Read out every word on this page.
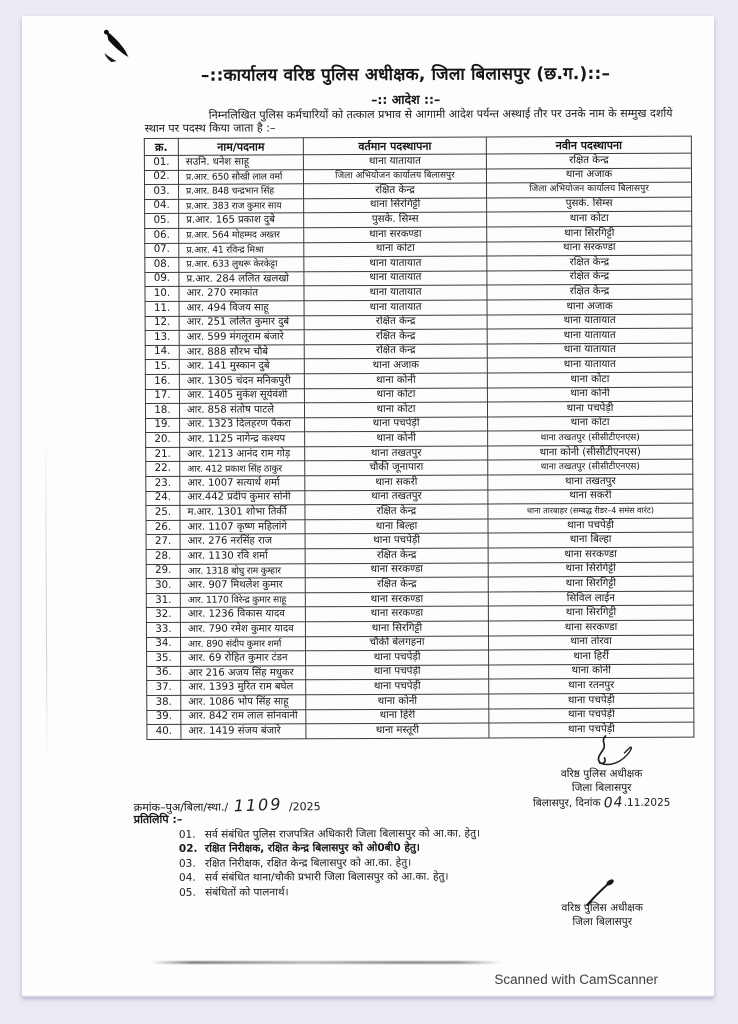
–::कार्यालय वरिष्ठ पुलिस अधीक्षक, जिला बिलासपुर (छ.ग.)::–
–:: आदेश ::–
निम्नलिखित पुलिस कर्मचारियों को तत्काल प्रभाव से आगामी आदेश पर्यन्त अस्थाई तौर पर उनके नाम के सम्मुख दर्शाये स्थान पर पदस्थ किया जाता है :–
क्र.	नाम/पदनाम	वर्तमान पदस्थापना	नवीन पदस्थापना
01.	सउनि. धनेश साहू	थाना यातायात	रक्षित केन्द्र
02.	प्र.आर. 650 सौखी लाल वर्मा	जिला अभियोजन कार्यालय बिलासपुर	थाना अजाक
03.	प्र.आर. 848 चन्द्रभान सिंह	रक्षित केन्द्र	जिला अभियोजन कार्यालय बिलासपुर
04.	प्र.आर. 383 राज कुमार साय	थाना सिरगिट्टी	पुसके. सिम्स
05.	प्र.आर. 165 प्रकाश दुबे	पुसके. सिम्स	थाना कोटा
06.	प्र.आर. 564 मोहम्मद अख्तर	थाना सरकण्डा	थाना सिरगिट्टी
07.	प्र.आर. 41 रविन्द्र मिश्रा	थाना कोटा	थाना सरकण्डा
08.	प्र.आर. 633 लुथरू केरकेट्टा	थाना यातायात	रक्षित केन्द्र
09.	प्र.आर. 284 ललित खलखो	थाना यातायात	रक्षित केन्द्र
10.	आर. 270 रमाकांत	थाना यातायात	रक्षित केन्द्र
11.	आर. 494 विजय साहू	थाना यातायात	थाना अजाक
12.	आर. 251 ललित कुमार दुबे	रक्षित केन्द्र	थाना यातायात
13.	आर. 599 मंगलूराम बंजारे	रक्षित केन्द्र	थाना यातायात
14.	आर. 888 सौरभ चौबे	रक्षित केन्द्र	थाना यातायात
15.	आर. 141 मुस्कान दुबे	थाना अजाक	थाना यातायात
16.	आर. 1305 चंदन मनिकपुरी	थाना कोनी	थाना कोटा
17.	आर. 1405 मुकेश सूर्यवंशी	थाना कोटा	थाना कोनी
18.	आर. 858 संतोष पाटले	थाना कोटा	थाना पचपेड़ी
19.	आर. 1323 दिलहरण पैकरा	थाना पचपेड़ी	थाना कोटा
20.	आर. 1125 नागेन्द्र कश्यप	थाना कोनी	थाना तखतपुर (सीसीटीएनएस)
21.	आर. 1213 आनंद राम गोड़	थाना तखतपुर	थाना कोनी (सीसीटीएनएस)
22.	आर. 412 प्रकाश सिंह ठाकुर	चौकी जूनापारा	थाना तखतपुर (सीसीटीएनएस)
23.	आर. 1007 सत्यार्थ शर्मा	थाना सकरी	थाना तखतपुर
24.	आर.442 प्रदीप कुमार सोनी	थाना तखतपुर	थाना सकरी
25.	म.आर. 1301 शोभा तिर्की	रक्षित केन्द्र	थाना तारबाहर (सम्बद्ध रीडर–4 समंस वारंट)
26.	आर. 1107 कृष्ण महिलांगे	थाना बिल्हा	थाना पचपेड़ी
27.	आर. 276 नरसिंह राज	थाना पचपेड़ी	थाना बिल्हा
28.	आर. 1130 रवि शर्मा	रक्षित केन्द्र	थाना सरकण्डा
29.	आर. 1318 बोधु राम कुम्हार	थाना सरकण्डा	थाना सिरगिट्टी
30.	आर. 907 मिथलेश कुमार	रक्षित केन्द्र	थाना सिरगिट्टी
31.	आर. 1170 विरेन्द्र कुमार साहू	थाना सरकण्डा	सिविल लाईन
32.	आर. 1236 विकास यादव	थाना सरकण्डा	थाना सिरगिट्टी
33.	आर. 790 रमेश कुमार यादव	थाना सिरगिट्टी	थाना सरकण्डा
34.	आर. 890 संदीप कुमार शर्मा	चौकी बेलगहना	थाना तोरवा
35.	आर. 69 रोहित कुमार टंडन	थाना पचपेड़ी	थाना हिर्री
36.	आर 216 अजय सिंह मधुकर	थाना पचपेड़ी	थाना कोनी
37.	आर. 1393 मुरित राम बघेल	थाना पचपेड़ी	थाना रतनपुर
38.	आर. 1086 भोप सिंह साहू	थाना कोनी	थाना पचपेड़ी
39.	आर. 842 राम लाल सोनवानी	थाना हिर्री	थाना पचपेड़ी
40.	आर. 1419 संजय बंजारे	थाना मस्तूरी	थाना पचपेड़ी
वरिष्ठ पुलिस अधीक्षक
जिला बिलासपुर
बिलासपुर, दिनांक 04.11.2025
क्रमांक–पुअ/बिला/स्था./ 1109 /2025
प्रतिलिपि :–
01. सर्व संबंधित पुलिस राजपत्रित अधिकारी जिला बिलासपुर को आ.का. हेतु।
02. रक्षित निरीक्षक, रक्षित केन्द्र बिलासपुर को ओ0बी0 हेतु।
03. रक्षित निरीक्षक, रक्षित केन्द्र बिलासपुर को आ.का. हेतु।
04. सर्व संबंधित थाना/चौकी प्रभारी जिला बिलासपुर को आ.का. हेतु।
05. संबंधितों को पालनार्थ।
वरिष्ठ पुलिस अधीक्षक
जिला बिलासपुर
Scanned with CamScanner
